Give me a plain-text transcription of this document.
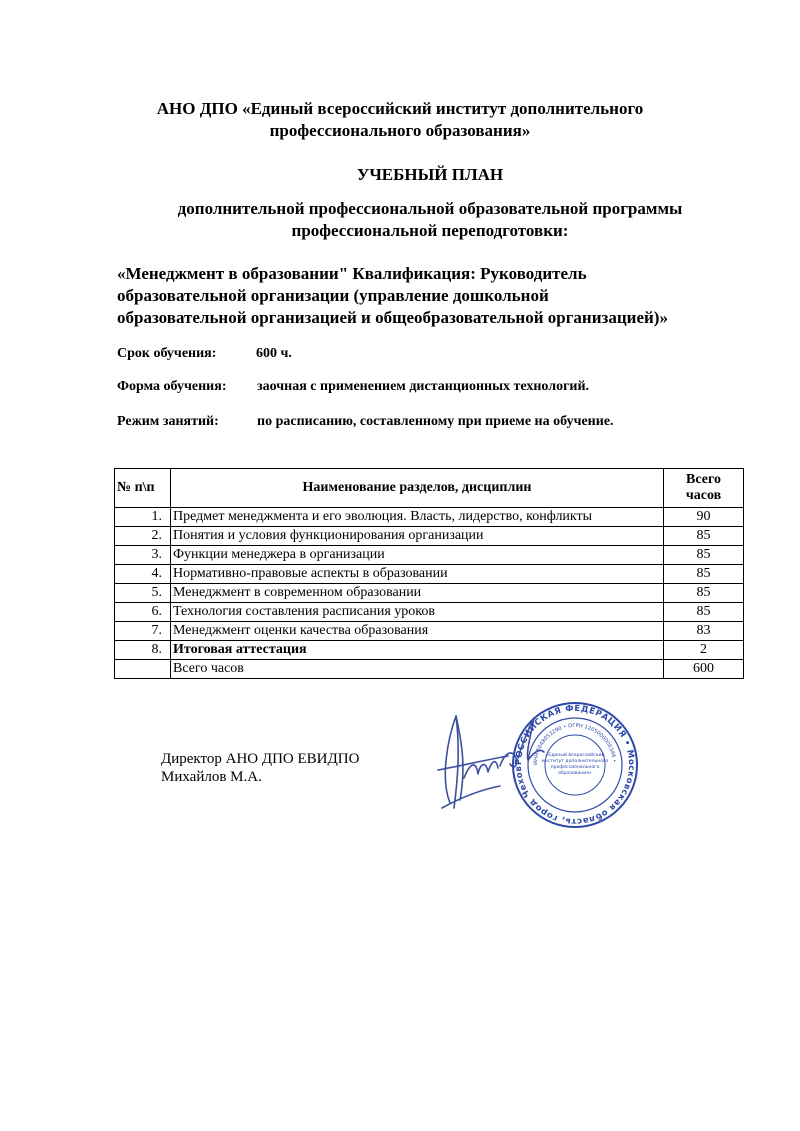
АНО ДПО «Единый всероссийский институт дополнительного
профессионального образования»
УЧЕБНЫЙ ПЛАН
дополнительной профессиональной образовательной программы
профессиональной переподготовки:
«Менеджмент в образовании" Квалификация: Руководитель
образовательной организации (управление дошкольной
образовательной организацией и общеобразовательной организацией)»
Срок обучения:	600 ч.
Форма обучения: заочная с применением дистанционных технологий.
Режим занятий:	по расписанию, составленному при приеме на обучение.
№ п\п	Наименование разделов, дисциплин	Всего
часов

1.	Предмет менеджмента и его эволюция. Власть, лидерство, конфликты	90
2.	Понятия и условия функционирования организации	85
3.	Функции менеджера в организации	85
4.	Нормативно-правовые аспекты в образовании	85
5.	Менеджмент в современном образовании	85
6.	Технология составления расписания уроков	85
7.	Менеджмент оценки качества образования	83
8.	Итоговая аттестация	2
	Всего часов	600
Директор АНО ДПО ЕВИДПО
Михайлов М.А.
РОССИЙСКАЯ ФЕДЕРАЦИЯ • Московская область, город Чехов
ИНН 5048053290 • ОГРН 1205000006346 •
«Единый всероссийский
институт дополнительного
профессионального
образования»
